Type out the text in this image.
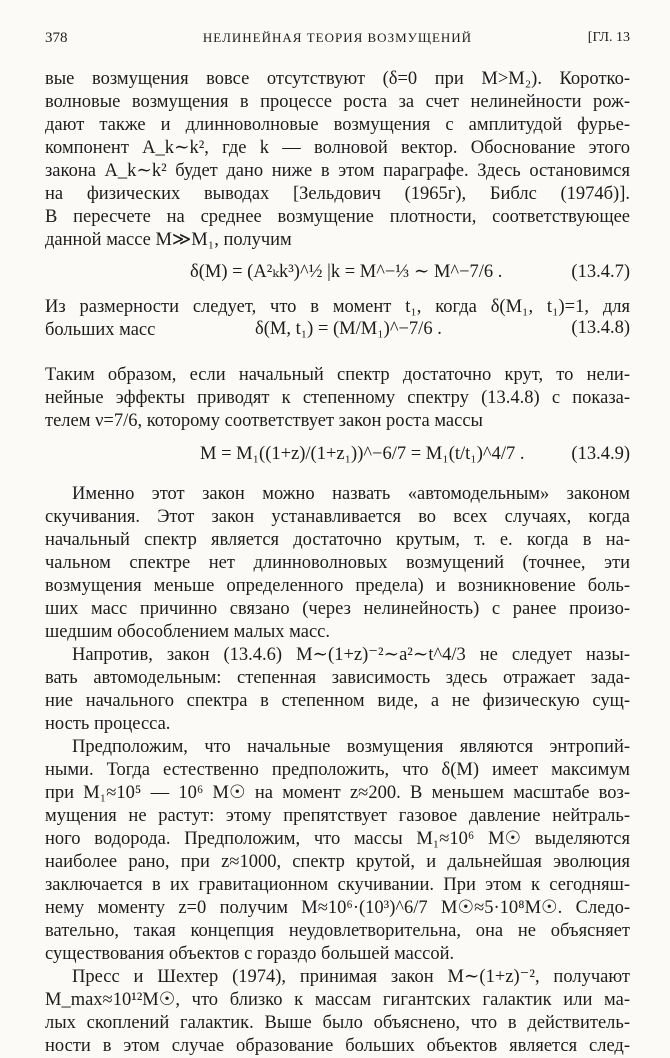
378	НЕЛИНЕЙНАЯ ТЕОРИЯ ВОЗМУЩЕНИЙ	[ГЛ. 13
вые возмущения вовсе отсутствуют (δ=0 при M>M₂). Коротко-
волновые возмущения в процессе роста за счет нелинейности рож-
дают также и длинноволновые возмущения с амплитудой фурье-
компонент A_k∼k², где k — волновой вектор. Обоснование этого
закона A_k∼k² будет дано ниже в этом параграфе. Здесь остановимся
на физических выводах [Зельдович (1965г), Библс (1974б)].
В пересчете на среднее возмущение плотности, соответствующее
данной массе M≫M₁, получим
δ(M) = (A²ₖk³)^½ |k = M^−⅓ ∼ M^−7/6 .	(13.4.7)
Из размерности следует, что в момент t₁, когда δ(M₁, t₁)=1, для
больших масс	δ(M, t₁) = (M/M₁)^−7/6 .	(13.4.8)
Таким образом, если начальный спектр достаточно крут, то нели-
нейные эффекты приводят к степенному спектру (13.4.8) с показа-
телем ν=7/6, которому соответствует закон роста массы
M = M₁((1+z)/(1+z₁))^−6/7 = M₁(t/t₁)^4/7 .	(13.4.9)
Именно этот закон можно назвать «автомодельным» законом
скучивания. Этот закон устанавливается во всех случаях, когда
начальный спектр является достаточно крутым, т. е. когда в на-
чальном спектре нет длинноволновых возмущений (точнее, эти
возмущения меньше определенного предела) и возникновение боль-
ших масс причинно связано (через нелинейность) с ранее произо-
шедшим обособлением малых масс.
Напротив, закон (13.4.6) M∼(1+z)⁻²∼a²∼t^4/3 не следует назы-
вать автомодельным: степенная зависимость здесь отражает зада-
ние начального спектра в степенном виде, а не физическую сущ-
ность процесса.
Предположим, что начальные возмущения являются энтропий-
ными. Тогда естественно предположить, что δ(M) имеет максимум
при M₁≈10⁵ — 10⁶ M☉ на момент z≈200. В меньшем масштабе воз-
мущения не растут: этому препятствует газовое давление нейтраль-
ного водорода. Предположим, что массы M₁≈10⁶ M☉ выделяются
наиболее рано, при z≈1000, спектр крутой, и дальнейшая эволюция
заключается в их гравитационном скучивании. При этом к сегодняш-
нему моменту z=0 получим M≈10⁶·(10³)^6/7 M☉≈5·10⁸M☉. Следо-
вательно, такая концепция неудовлетворительна, она не объясняет
существования объектов с гораздо большей массой.
Пресс и Шехтер (1974), принимая закон M∼(1+z)⁻², получают
M_max≈10¹²M☉, что близко к массам гигантских галактик или ма-
лых скоплений галактик. Выше было объяснено, что в действитель-
ности в этом случае образование больших объектов является след-
